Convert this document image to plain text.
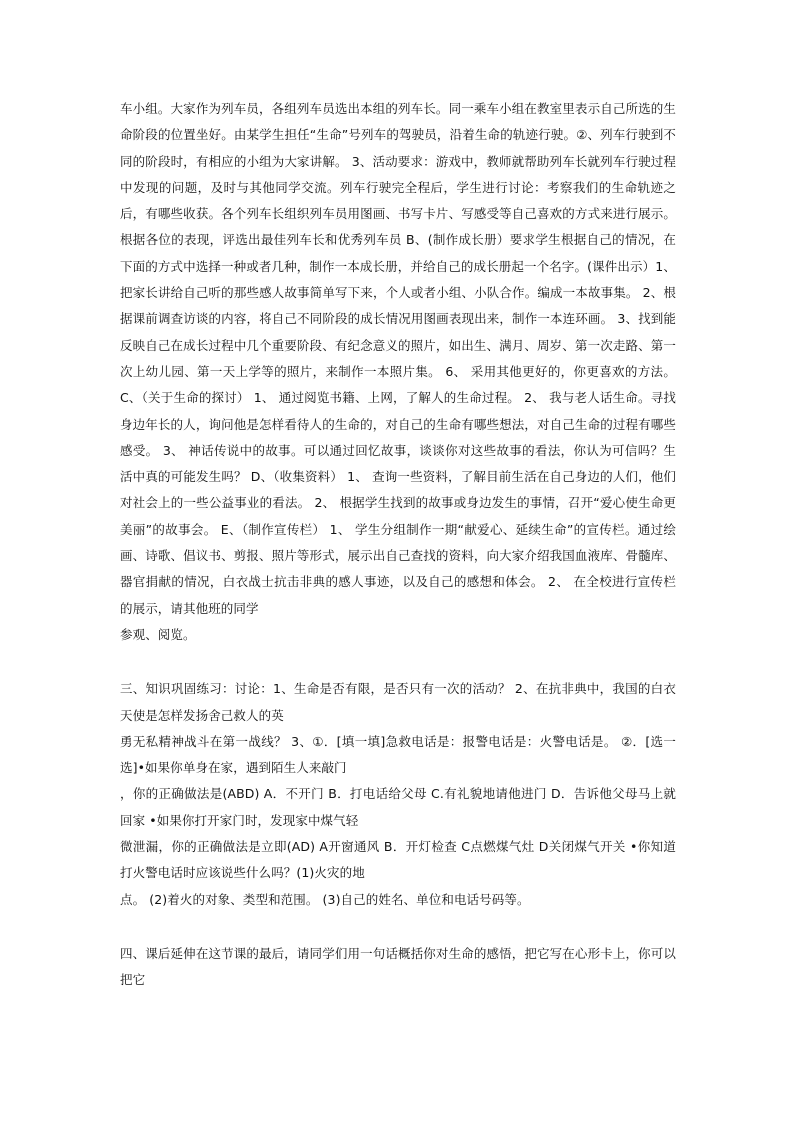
车小组。大家作为列车员，各组列车员选出本组的列车长。同一乘车小组在教室里表示自己所选的生命阶段的位置坐好。由某学生担任“生命”号列车的驾驶员，沿着生命的轨迹行驶。②、列车行驶到不同的阶段时，有相应的小组为大家讲解。 3、活动要求：游戏中，教师就帮助列车长就列车行驶过程中发现的问题，及时与其他同学交流。列车行驶完全程后，学生进行讨论：考察我们的生命轨迹之后，有哪些收获。各个列车长组织列车员用图画、书写卡片、写感受等自己喜欢的方式来进行展示。根据各位的表现，评选出最佳列车长和优秀列车员 B、(制作成长册）要求学生根据自己的情况，在下面的方式中选择一种或者几种，制作一本成长册，并给自己的成长册起一个名字。(课件出示）1、把家长讲给自己听的那些感人故事简单写下来，个人或者小组、小队合作。编成一本故事集。 2、根据课前调查访谈的内容，将自己不同阶段的成长情况用图画表现出来，制作一本连环画。 3、找到能反映自己在成长过程中几个重要阶段、有纪念意义的照片，如出生、满月、周岁、第一次走路、第一次上幼儿园、第一天上学等的照片，来制作一本照片集。 6、 采用其他更好的，你更喜欢的方法。 C、（关于生命的探讨） 1、 通过阅览书籍、上网，了解人的生命过程。 2、 我与老人话生命。寻找身边年长的人，询问他是怎样看待人的生命的，对自己的生命有哪些想法，对自己生命的过程有哪些感受。 3、 神话传说中的故事。可以通过回忆故事，谈谈你对这些故事的看法，你认为可信吗？生活中真的可能发生吗？ D、（收集资料） 1、 查询一些资料，了解目前生活在自己身边的人们，他们对社会上的一些公益事业的看法。 2、 根据学生找到的故事或身边发生的事情，召开“爱心使生命更美丽”的故事会。 E、（制作宣传栏） 1、 学生分组制作一期“献爱心、延续生命”的宣传栏。通过绘画、诗歌、倡议书、剪报、照片等形式，展示出自己查找的资料，向大家介绍我国血液库、骨髓库、器官捐献的情况，白衣战士抗击非典的感人事迹，以及自己的感想和体会。 2、 在全校进行宣传栏的展示，请其他班的同学
参观、阅览。

三、知识巩固练习：讨论：1、生命是否有限，是否只有一次的活动？ 2、在抗非典中，我国的白衣天使是怎样发扬舍己救人的英
勇无私精神战斗在第一战线？ 3、①．[填一填]急救电话是：报警电话是：火警电话是。 ②．[选一选]•如果你单身在家，遇到陌生人来敲门
，你的正确做法是(ABD) A．不开门 B．打电话给父母 C.有礼貌地请他进门 D．告诉他父母马上就回家 •如果你打开家门时，发现家中煤气轻
微泄漏，你的正确做法是立即(AD) A开窗通风 B．开灯检查 C点燃煤气灶 D关闭煤气开关 •你知道打火警电话时应该说些什么吗？(1)火灾的地
点。 (2)着火的对象、类型和范围。 (3)自己的姓名、单位和电话号码等。

四、课后延伸在这节课的最后，请同学们用一句话概括你对生命的感悟，把它写在心形卡上，你可以 把它
